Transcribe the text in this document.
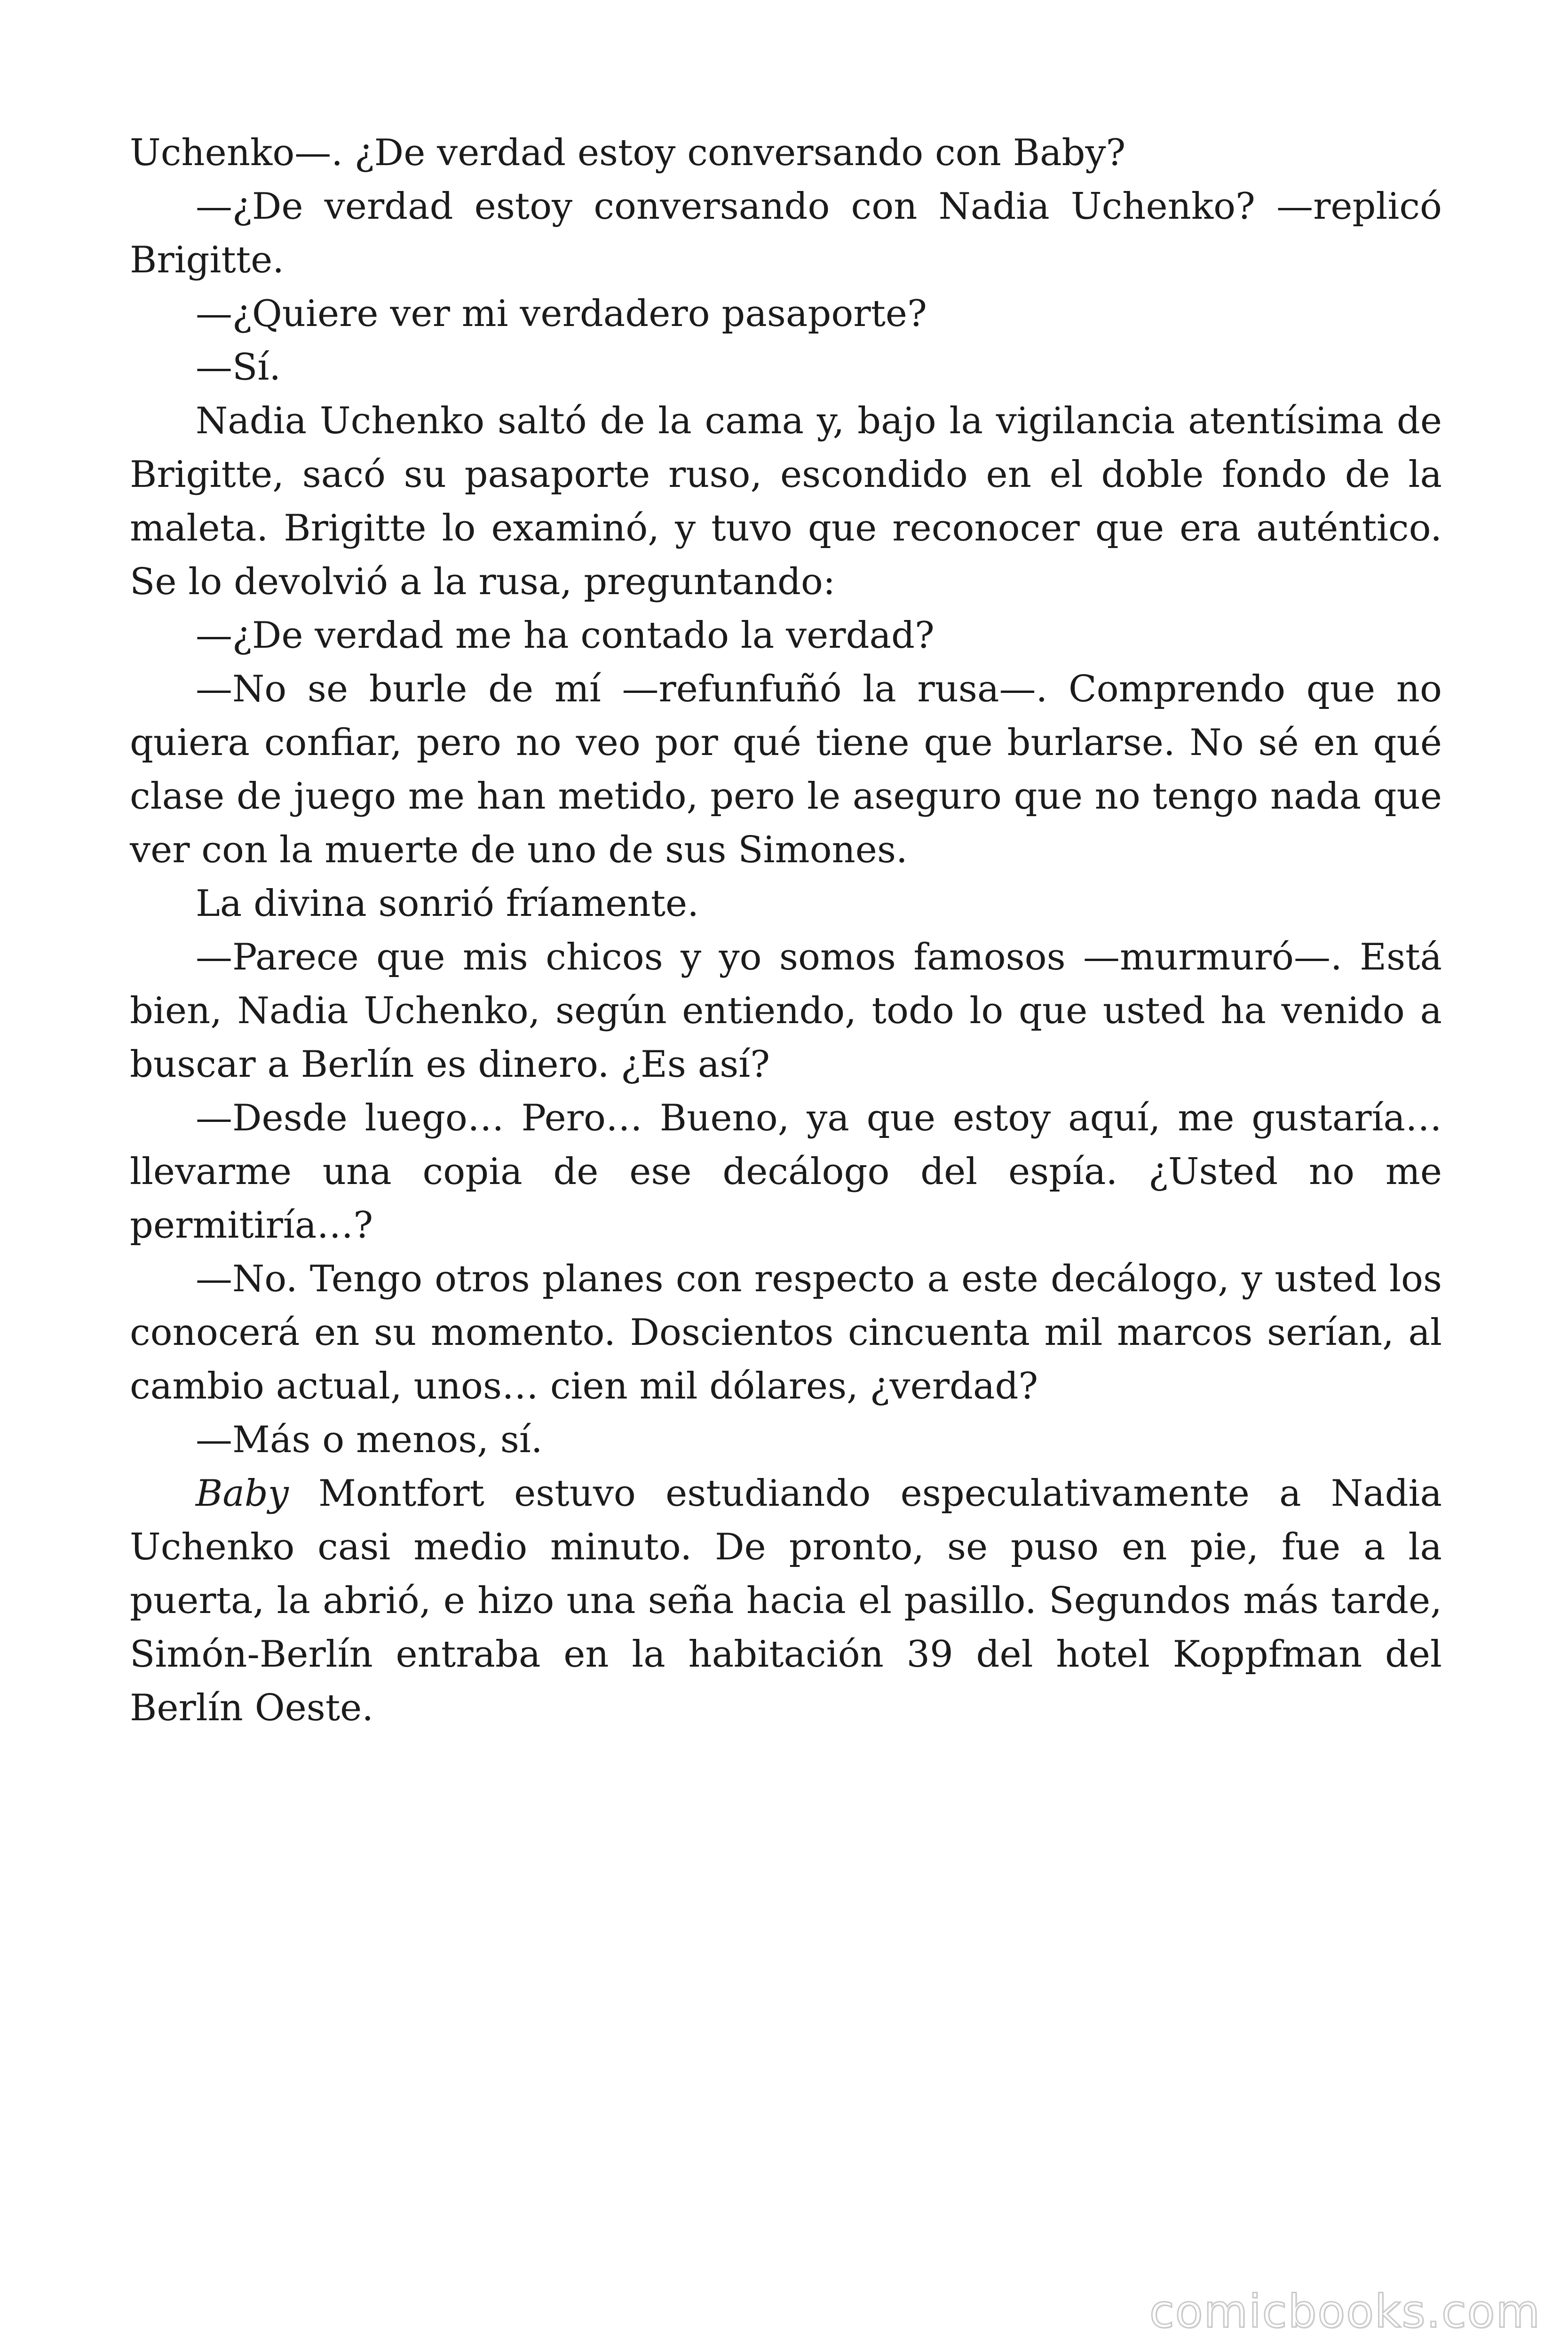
Uchenko—. ¿De verdad estoy conversando con Baby?

—¿De verdad estoy conversando con Nadia Uchenko? —replicó Brigitte.

—¿Quiere ver mi verdadero pasaporte?

—Sí.

Nadia Uchenko saltó de la cama y, bajo la vigilancia atentísima de Brigitte, sacó su pasaporte ruso, escondido en el doble fondo de la maleta. Brigitte lo examinó, y tuvo que reconocer que era auténtico. Se lo devolvió a la rusa, preguntando:

—¿De verdad me ha contado la verdad?

—No se burle de mí —refunfuñó la rusa—. Comprendo que no quiera confiar, pero no veo por qué tiene que burlarse. No sé en qué clase de juego me han metido, pero le aseguro que no tengo nada que ver con la muerte de uno de sus Simones.

La divina sonrió fríamente.

—Parece que mis chicos y yo somos famosos —murmuró—. Está bien, Nadia Uchenko, según entiendo, todo lo que usted ha venido a buscar a Berlín es dinero. ¿Es así?

—Desde luego… Pero… Bueno, ya que estoy aquí, me gustaría… llevarme una copia de ese decálogo del espía. ¿Usted no me permitiría…?

—No. Tengo otros planes con respecto a este decálogo, y usted los conocerá en su momento. Doscientos cincuenta mil marcos serían, al cambio actual, unos… cien mil dólares, ¿verdad?

—Más o menos, sí.

Baby Montfort estuvo estudiando especulativamente a Nadia Uchenko casi medio minuto. De pronto, se puso en pie, fue a la puerta, la abrió, e hizo una seña hacia el pasillo. Segundos más tarde, Simón-Berlín entraba en la habitación 39 del hotel Koppfman del Berlín Oeste.

comicbooks.com
